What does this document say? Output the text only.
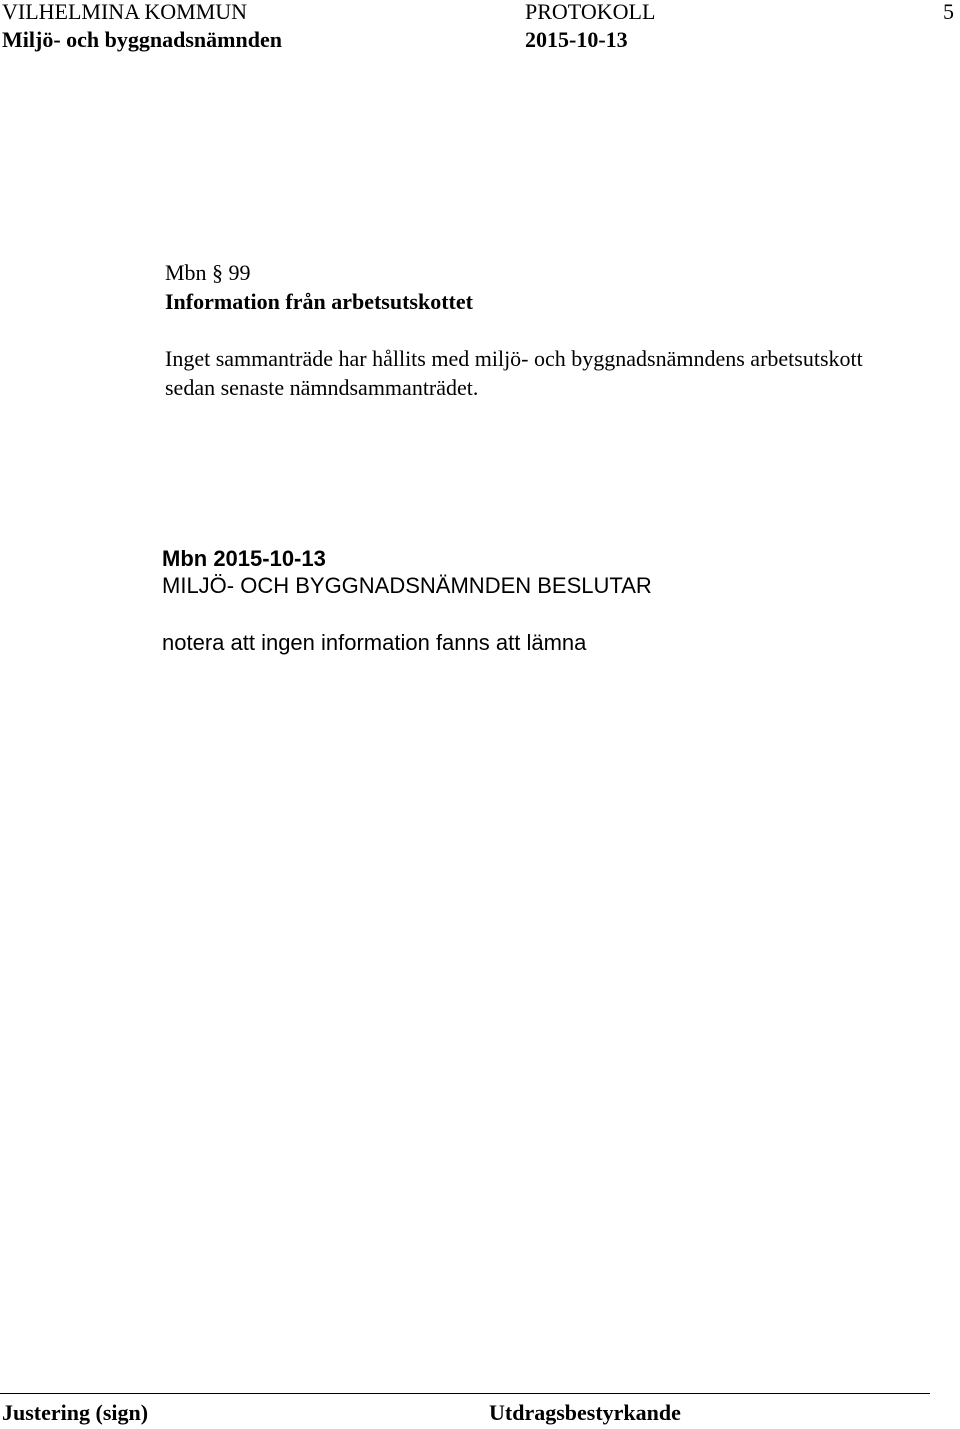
VILHELMINA KOMMUN
Miljö- och byggnadsnämnden
PROTOKOLL
2015-10-13
5
Mbn § 99
Information från arbetsutskottet
Inget sammanträde har hållits med miljö- och byggnadsnämndens arbetsutskott
sedan senaste nämndsammanträdet.
Mbn 2015-10-13
MILJÖ- OCH BYGGNADSNÄMNDEN BESLUTAR
notera att ingen information fanns att lämna
Justering (sign)	Utdragsbestyrkande
